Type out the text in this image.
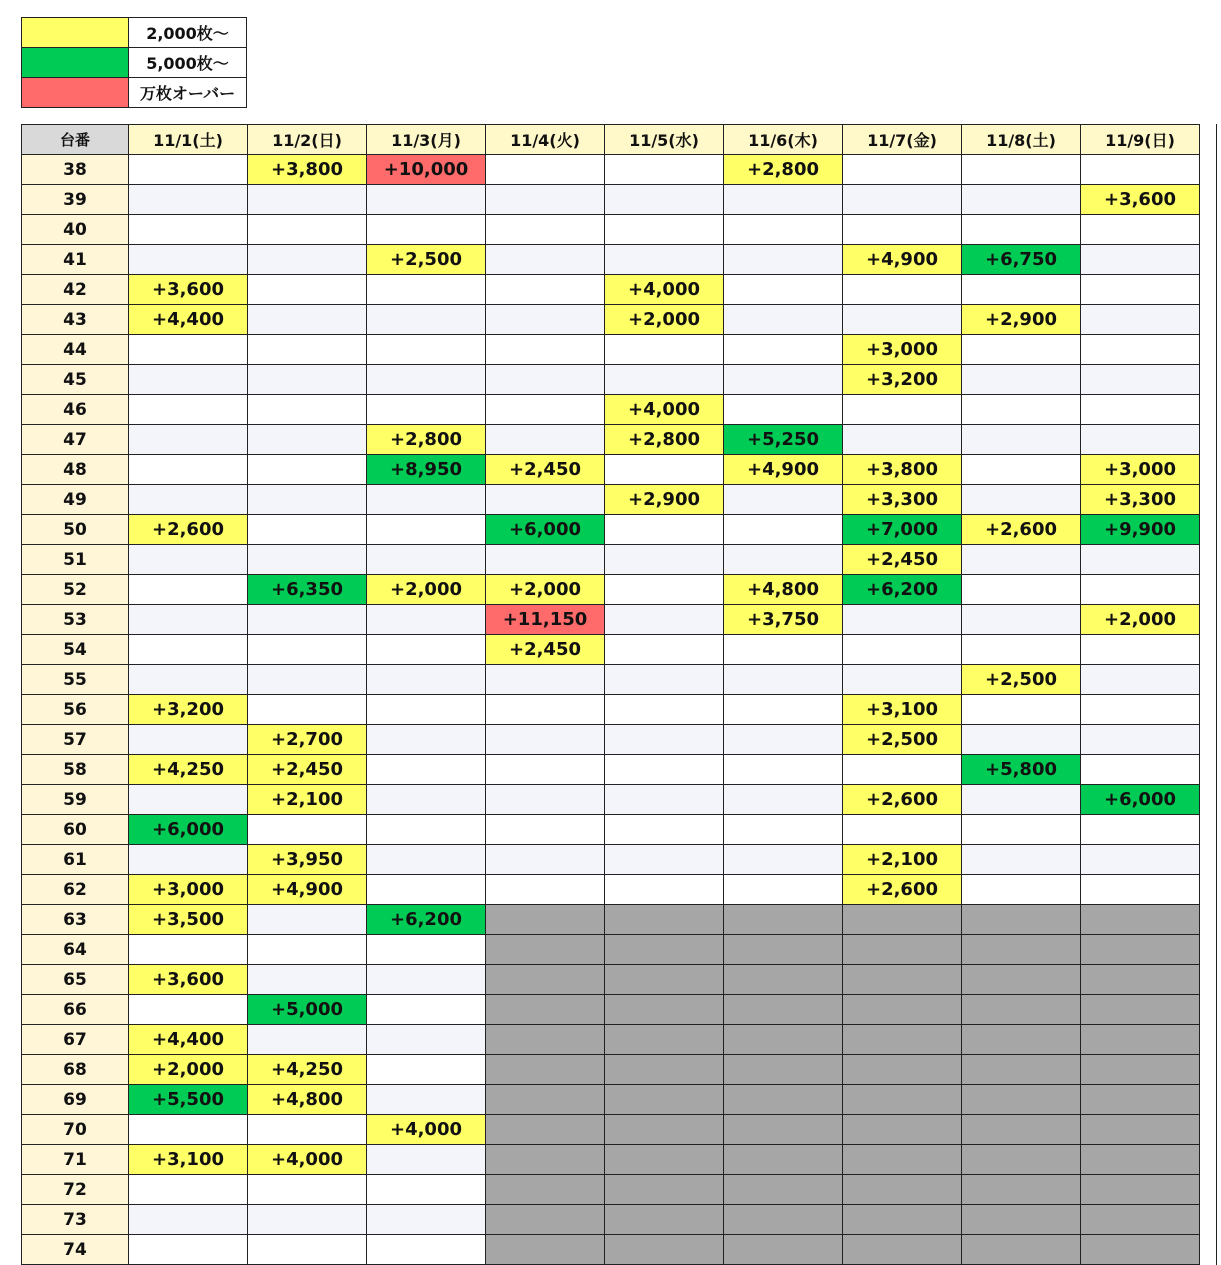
	2,000枚～
	5,000枚～
	万枚オーバー
台番	11/1(土)	11/2(日)	11/3(月)	11/4(火)	11/5(水)	11/6(木)	11/7(金)	11/8(土)	11/9(日)
38		+3,800	+10,000			+2,800			
39									+3,600
40									
41			+2,500				+4,900	+6,750	
42	+3,600				+4,000				
43	+4,400				+2,000			+2,900	
44							+3,000		
45							+3,200		
46					+4,000				
47			+2,800		+2,800	+5,250			
48			+8,950	+2,450		+4,900	+3,800		+3,000
49					+2,900		+3,300		+3,300
50	+2,600			+6,000			+7,000	+2,600	+9,900
51							+2,450		
52		+6,350	+2,000	+2,000		+4,800	+6,200		
53				+11,150		+3,750			+2,000
54				+2,450					
55								+2,500	
56	+3,200						+3,100		
57		+2,700					+2,500		
58	+4,250	+2,450						+5,800	
59		+2,100					+2,600		+6,000
60	+6,000								
61		+3,950					+2,100		
62	+3,000	+4,900					+2,600		
63	+3,500		+6,200						
64									
65	+3,600								
66		+5,000							
67	+4,400								
68	+2,000	+4,250							
69	+5,500	+4,800							
70			+4,000						
71	+3,100	+4,000							
72									
73									
74									
